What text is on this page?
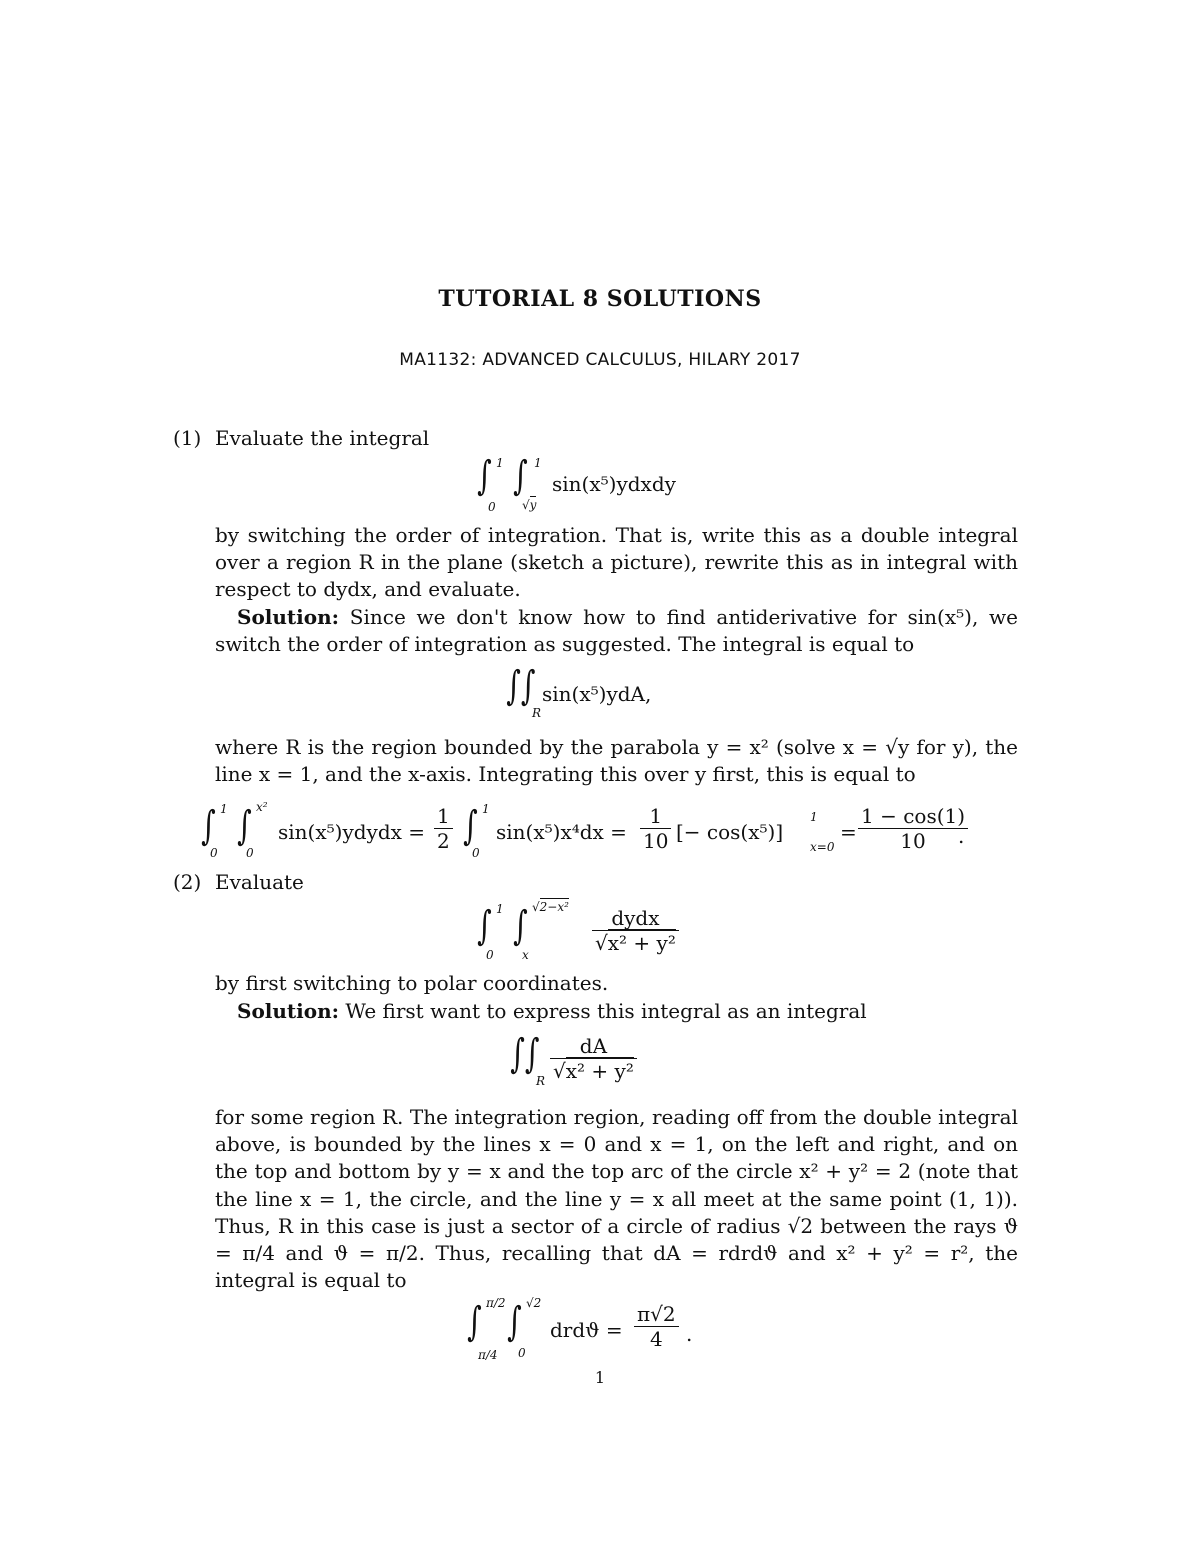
TUTORIAL 8 SOLUTIONS
MA1132: ADVANCED CALCULUS, HILARY 2017
(1) Evaluate the integral
∫ 1
0
∫ 1
√y
sin(x⁵)ydxdy
by switching the order of integration. That is, write this as a double integral over a region R in the plane (sketch a picture), rewrite this as in integral with respect to dydx, and evaluate.
Solution: Since we don't know how to find antiderivative for sin(x⁵), we switch the order of integration as suggested. The integral is equal to
∫∫
R
sin(x⁵)ydA,
where R is the region bounded by the parabola y = x² (solve x = √y for y), the line x = 1, and the x-axis. Integrating this over y first, this is equal to
∫ 1
0
∫ x²
0
sin(x⁵)ydydx = $\frac{1}{2}$ ∫ 1
0
$\sin(x^5)x^4dx = \frac{1}{10}$ [− cos(x⁵)]
1
x=0
= $\frac{1 - \cos(1)}{10}$
.
(2) Evaluate
∫ 1
0
∫ √2−x²
x
dydx
√x² + y²
by first switching to polar coordinates.
Solution: We first want to express this integral as an integral
∫∫
R $\frac{dA}{\text{√x² + y²}}$
for some region R. The integration region, reading off from the double integral above, is bounded by the lines x = 0 and x = 1, on the left and right, and on the top and bottom by y = x and the top arc of the circle x² + y² = 2 (note that the line x = 1, the circle, and the line y = x all meet at the same point (1, 1)). Thus, R in this case is just a sector of a circle of radius √2 between the rays ϑ = π/4 and ϑ = π/2. Thus, recalling that dA = rdrdϑ and x² + y² = r², the integral is equal to
∫ π/2
π/4
∫ √2
0
$drdϑ = \frac{\pi√2}{4}$ .
1
